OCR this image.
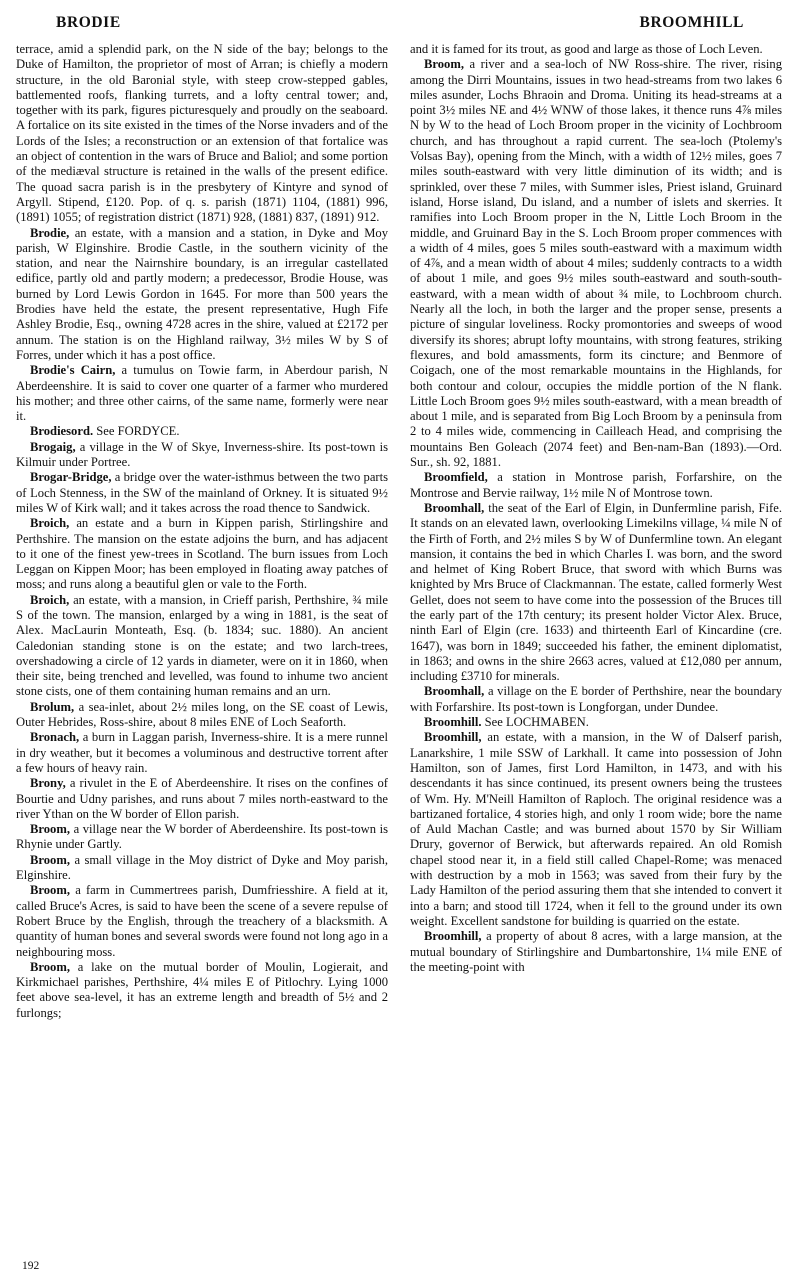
BRODIE	BROOMHILL

terrace, amid a splendid park, on the N side of the bay; belongs to the Duke of Hamilton, the proprietor of most of Arran; is chiefly a modern structure, in the old Baronial style, with steep crow-stepped gables, battlemented roofs, flanking turrets, and a lofty central tower; and, together with its park, figures picturesquely and proudly on the seaboard. A fortalice on its site existed in the times of the Norse invaders and of the Lords of the Isles; a reconstruction or an extension of that fortalice was an object of contention in the wars of Bruce and Baliol; and some portion of the mediæval structure is retained in the walls of the present edifice. The quoad sacra parish is in the presbytery of Kintyre and synod of Argyll. Stipend, £120. Pop. of q. s. parish (1871) 1104, (1881) 996, (1891) 1055; of registration district (1871) 928, (1881) 837, (1891) 912.

Brodie, an estate, with a mansion and a station, in Dyke and Moy parish, W Elginshire. Brodie Castle, in the southern vicinity of the station, and near the Nairnshire boundary, is an irregular castellated edifice, partly old and partly modern; a predecessor, Brodie House, was burned by Lord Lewis Gordon in 1645. For more than 500 years the Brodies have held the estate, the present representative, Hugh Fife Ashley Brodie, Esq., owning 4728 acres in the shire, valued at £2172 per annum. The station is on the Highland railway, 3½ miles W by S of Forres, under which it has a post office.

Brodie's Cairn, a tumulus on Towie farm, in Aberdour parish, N Aberdeenshire. It is said to cover one quarter of a farmer who murdered his mother; and three other cairns, of the same name, formerly were near it.

Brodiesord. See FORDYCE.

Brogaig, a village in the W of Skye, Inverness-shire. Its post-town is Kilmuir under Portree.

Brogar-Bridge, a bridge over the water-isthmus between the two parts of Loch Stenness, in the SW of the mainland of Orkney. It is situated 9½ miles W of Kirk wall; and it takes across the road thence to Sandwick.

Broich, an estate and a burn in Kippen parish, Stirlingshire and Perthshire. The mansion on the estate adjoins the burn, and has adjacent to it one of the finest yew-trees in Scotland. The burn issues from Loch Leggan on Kippen Moor; has been employed in floating away patches of moss; and runs along a beautiful glen or vale to the Forth.

Broich, an estate, with a mansion, in Crieff parish, Perthshire, ¾ mile S of the town. The mansion, enlarged by a wing in 1881, is the seat of Alex. MacLaurin Monteath, Esq. (b. 1834; suc. 1880). An ancient Caledonian standing stone is on the estate; and two larch-trees, overshadowing a circle of 12 yards in diameter, were on it in 1860, when their site, being trenched and levelled, was found to inhume two ancient stone cists, one of them containing human remains and an urn.

Brolum, a sea-inlet, about 2½ miles long, on the SE coast of Lewis, Outer Hebrides, Ross-shire, about 8 miles ENE of Loch Seaforth.

Bronach, a burn in Laggan parish, Inverness-shire. It is a mere runnel in dry weather, but it becomes a voluminous and destructive torrent after a few hours of heavy rain.

Brony, a rivulet in the E of Aberdeenshire. It rises on the confines of Bourtie and Udny parishes, and runs about 7 miles north-eastward to the river Ythan on the W border of Ellon parish.

Broom, a village near the W border of Aberdeenshire. Its post-town is Rhynie under Gartly.

Broom, a small village in the Moy district of Dyke and Moy parish, Elginshire.

Broom, a farm in Cummertrees parish, Dumfriesshire. A field at it, called Bruce's Acres, is said to have been the scene of a severe repulse of Robert Bruce by the English, through the treachery of a blacksmith. A quantity of human bones and several swords were found not long ago in a neighbouring moss.

Broom, a lake on the mutual border of Moulin, Logierait, and Kirkmichael parishes, Perthshire, 4¼ miles E of Pitlochry. Lying 1000 feet above sea-level, it has an extreme length and breadth of 5½ and 2 furlongs;

and it is famed for its trout, as good and large as those of Loch Leven.

Broom, a river and a sea-loch of NW Ross-shire. The river, rising among the Dirri Mountains, issues in two head-streams from two lakes 6 miles asunder, Lochs Bhraoin and Droma. Uniting its head-streams at a point 3½ miles NE and 4½ WNW of those lakes, it thence runs 4⅞ miles N by W to the head of Loch Broom proper in the vicinity of Lochbroom church, and has throughout a rapid current. The sea-loch (Ptolemy's Volsas Bay), opening from the Minch, with a width of 12½ miles, goes 7 miles south-eastward with very little diminution of its width; and is sprinkled, over these 7 miles, with Summer isles, Priest island, Gruinard island, Horse island, Du island, and a number of islets and skerries. It ramifies into Loch Broom proper in the N, Little Loch Broom in the middle, and Gruinard Bay in the S. Loch Broom proper commences with a width of 4 miles, goes 5 miles south-eastward with a maximum width of 4⅞, and a mean width of about 4 miles; suddenly contracts to a width of about 1 mile, and goes 9½ miles south-eastward and south-south-eastward, with a mean width of about ¾ mile, to Lochbroom church. Nearly all the loch, in both the larger and the proper sense, presents a picture of singular loveliness. Rocky promontories and sweeps of wood diversify its shores; abrupt lofty mountains, with strong features, striking flexures, and bold amassments, form its cincture; and Benmore of Coigach, one of the most remarkable mountains in the Highlands, for both contour and colour, occupies the middle portion of the N flank. Little Loch Broom goes 9½ miles south-eastward, with a mean breadth of about 1 mile, and is separated from Big Loch Broom by a peninsula from 2 to 4 miles wide, commencing in Cailleach Head, and comprising the mountains Ben Goleach (2074 feet) and Ben-nam-Ban (1893).—Ord. Sur., sh. 92, 1881.

Broomfield, a station in Montrose parish, Forfarshire, on the Montrose and Bervie railway, 1½ mile N of Montrose town.

Broomhall, the seat of the Earl of Elgin, in Dunfermline parish, Fife. It stands on an elevated lawn, overlooking Limekilns village, ¼ mile N of the Firth of Forth, and 2½ miles S by W of Dunfermline town. An elegant mansion, it contains the bed in which Charles I. was born, and the sword and helmet of King Robert Bruce, that sword with which Burns was knighted by Mrs Bruce of Clackmannan. The estate, called formerly West Gellet, does not seem to have come into the possession of the Bruces till the early part of the 17th century; its present holder Victor Alex. Bruce, ninth Earl of Elgin (cre. 1633) and thirteenth Earl of Kincardine (cre. 1647), was born in 1849; succeeded his father, the eminent diplomatist, in 1863; and owns in the shire 2663 acres, valued at £12,080 per annum, including £3710 for minerals.

Broomhall, a village on the E border of Perthshire, near the boundary with Forfarshire. Its post-town is Longforgan, under Dundee.

Broomhill. See LOCHMABEN.

Broomhill, an estate, with a mansion, in the W of Dalserf parish, Lanarkshire, 1 mile SSW of Larkhall. It came into possession of John Hamilton, son of James, first Lord Hamilton, in 1473, and with his descendants it has since continued, its present owners being the trustees of Wm. Hy. M'Neill Hamilton of Raploch. The original residence was a bartizaned fortalice, 4 stories high, and only 1 room wide; bore the name of Auld Machan Castle; and was burned about 1570 by Sir William Drury, governor of Berwick, but afterwards repaired. An old Romish chapel stood near it, in a field still called Chapel-Rome; was menaced with destruction by a mob in 1563; was saved from their fury by the Lady Hamilton of the period assuring them that she intended to convert it into a barn; and stood till 1724, when it fell to the ground under its own weight. Excellent sandstone for building is quarried on the estate.

Broomhill, a property of about 8 acres, with a large mansion, at the mutual boundary of Stirlingshire and Dumbartonshire, 1¼ mile ENE of the meeting-point with

192
